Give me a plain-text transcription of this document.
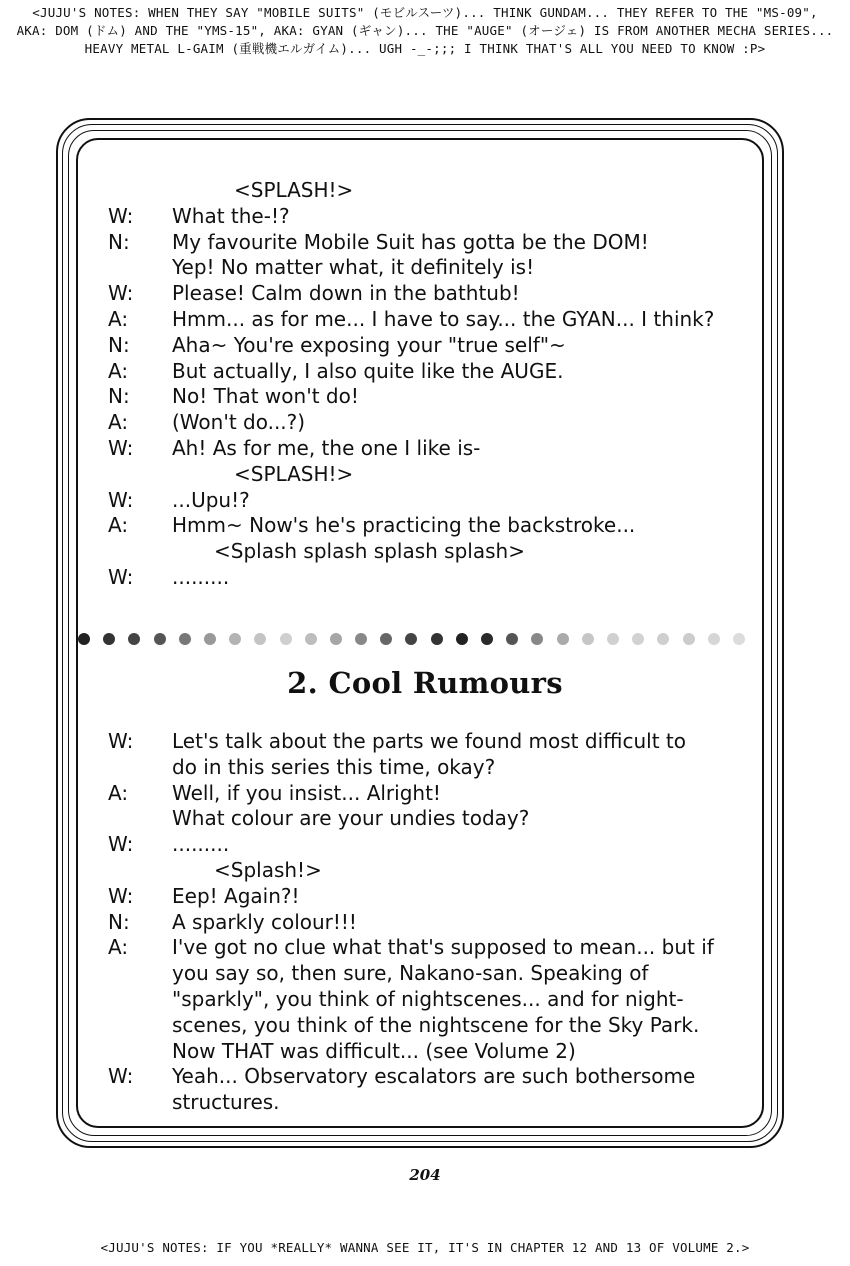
<JUJU'S NOTES: WHEN THEY SAY "MOBILE SUITS" (モビルスーツ)... THINK GUNDAM... THEY REFER TO THE "MS-09",
AKA: DOM (ドム) AND THE "YMS-15", AKA: GYAN (ギャン)... THE "AUGE" (オージェ) IS FROM ANOTHER MECHA SERIES...
HEAVY METAL L-GAIM (重戦機エルガイム)... UGH -_-;;; I THINK THAT'S ALL YOU NEED TO KNOW :P>
<SPLASH!>
W:	What the-!?
N:	My favourite Mobile Suit has gotta be the DOM!
Yep! No matter what, it definitely is!
W:	Please! Calm down in the bathtub!
A:	Hmm... as for me... I have to say... the GYAN... I think?
N:	Aha~ You're exposing your "true self"~
A:	But actually, I also quite like the AUGE.
N:	No! That won't do!
A:	(Won't do...?)
W:	Ah! As for me, the one I like is-
<SPLASH!>
W:	...Upu!?
A:	Hmm~ Now's he's practicing the backstroke...
<Splash splash splash splash>
W:	.........
2. Cool Rumours
W:	Let's talk about the parts we found most difficult to
do in this series this time, okay?
A:	Well, if you insist... Alright!
What colour are your undies today?
W:	.........
<Splash!>
W:	Eep! Again?!
N:	A sparkly colour!!!
A:	I've got no clue what that's supposed to mean... but if
you say so, then sure, Nakano-san. Speaking of
"sparkly", you think of nightscenes... and for night-
scenes, you think of the nightscene for the Sky Park.
Now THAT was difficult... (see Volume 2)
W:	Yeah... Observatory escalators are such bothersome
structures.
204
<JUJU'S NOTES: IF YOU *REALLY* WANNA SEE IT, IT'S IN CHAPTER 12 AND 13 OF VOLUME 2.>
